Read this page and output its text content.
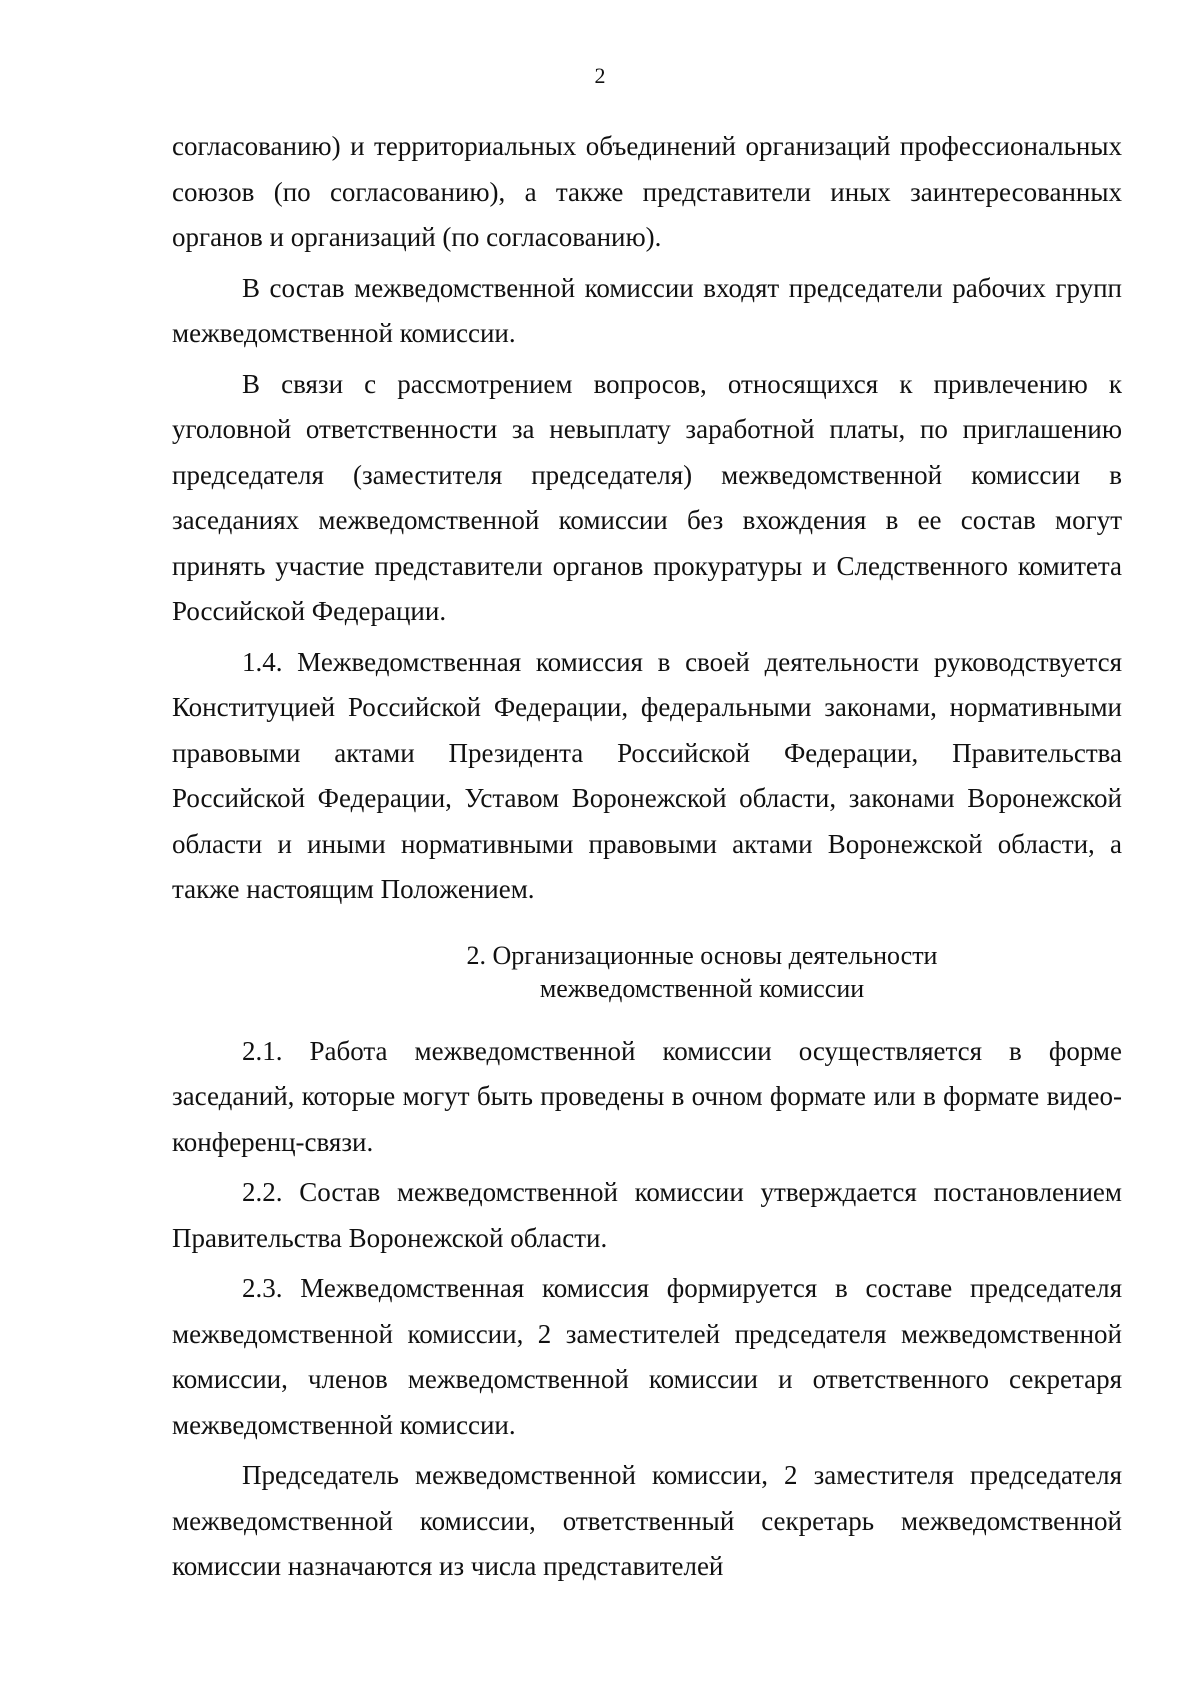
2

согласованию) и территориальных объединений организаций профессиональных союзов (по согласованию), а также представители иных заинтересованных органов и организаций (по согласованию).

В состав межведомственной комиссии входят председатели рабочих групп межведомственной комиссии.

В связи с рассмотрением вопросов, относящихся к привлечению к уголовной ответственности за невыплату заработной платы, по приглашению председателя (заместителя председателя) межведомственной комиссии в заседаниях межведомственной комиссии без вхождения в ее состав могут принять участие представители органов прокуратуры и Следственного комитета Российской Федерации.

1.4. Межведомственная комиссия в своей деятельности руководствуется Конституцией Российской Федерации, федеральными законами, нормативными правовыми актами Президента Российской Федерации, Правительства Российской Федерации, Уставом Воронежской области, законами Воронежской области и иными нормативными правовыми актами Воронежской области, а также настоящим Положением.

2. Организационные основы деятельности
межведомственной комиссии

2.1. Работа межведомственной комиссии осуществляется в форме заседаний, которые могут быть проведены в очном формате или в формате видео-конференц-связи.

2.2. Состав межведомственной комиссии утверждается постановлением Правительства Воронежской области.

2.3. Межведомственная комиссия формируется в составе председателя межведомственной комиссии, 2 заместителей председателя межведомственной комиссии, членов межведомственной комиссии и ответственного секретаря межведомственной комиссии.

Председатель межведомственной комиссии, 2 заместителя председателя межведомственной комиссии, ответственный секретарь межведомственной комиссии назначаются из числа представителей
